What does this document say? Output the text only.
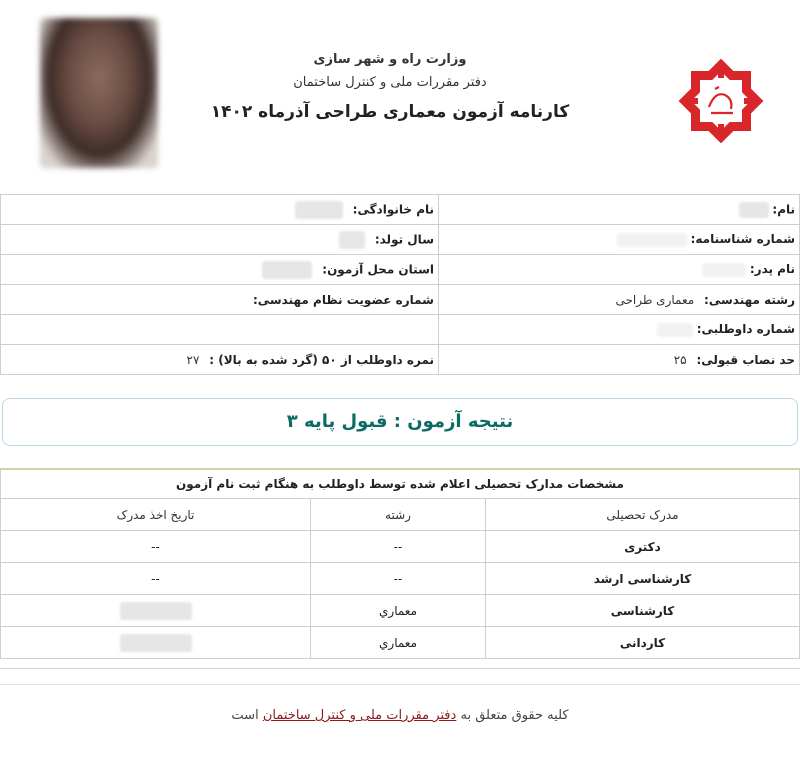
وزارت راه و شهر سازی
دفتر مقررات ملی و کنترل ساختمان
کارنامه آزمون معماری طراحی آذرماه ۱۴۰۲
نام:	نام خانوادگی:
شماره شناسنامه:	سال تولد:
نام پدر:	استان محل آزمون:
رشته مهندسی: معماری طراحی	شماره عضویت نظام مهندسی:
شماره داوطلبی:	
حد نصاب قبولی: ۲۵	نمره داوطلب از ۵۰ (گرد شده به بالا) : ۲۷
نتیجه آزمون : قبول پایه ۳
مشخصات مدارک تحصیلی اعلام شده توسط داوطلب به هنگام ثبت نام آزمون		
مدرک تحصیلی	رشته	تاریخ اخذ مدرک
دکتری	--	--
کارشناسی ارشد	--	--
کارشناسی	معماري	
کاردانی	معماري	
کلیه حقوق متعلق به دفتر مقررات ملی و کنترل ساختمان است
